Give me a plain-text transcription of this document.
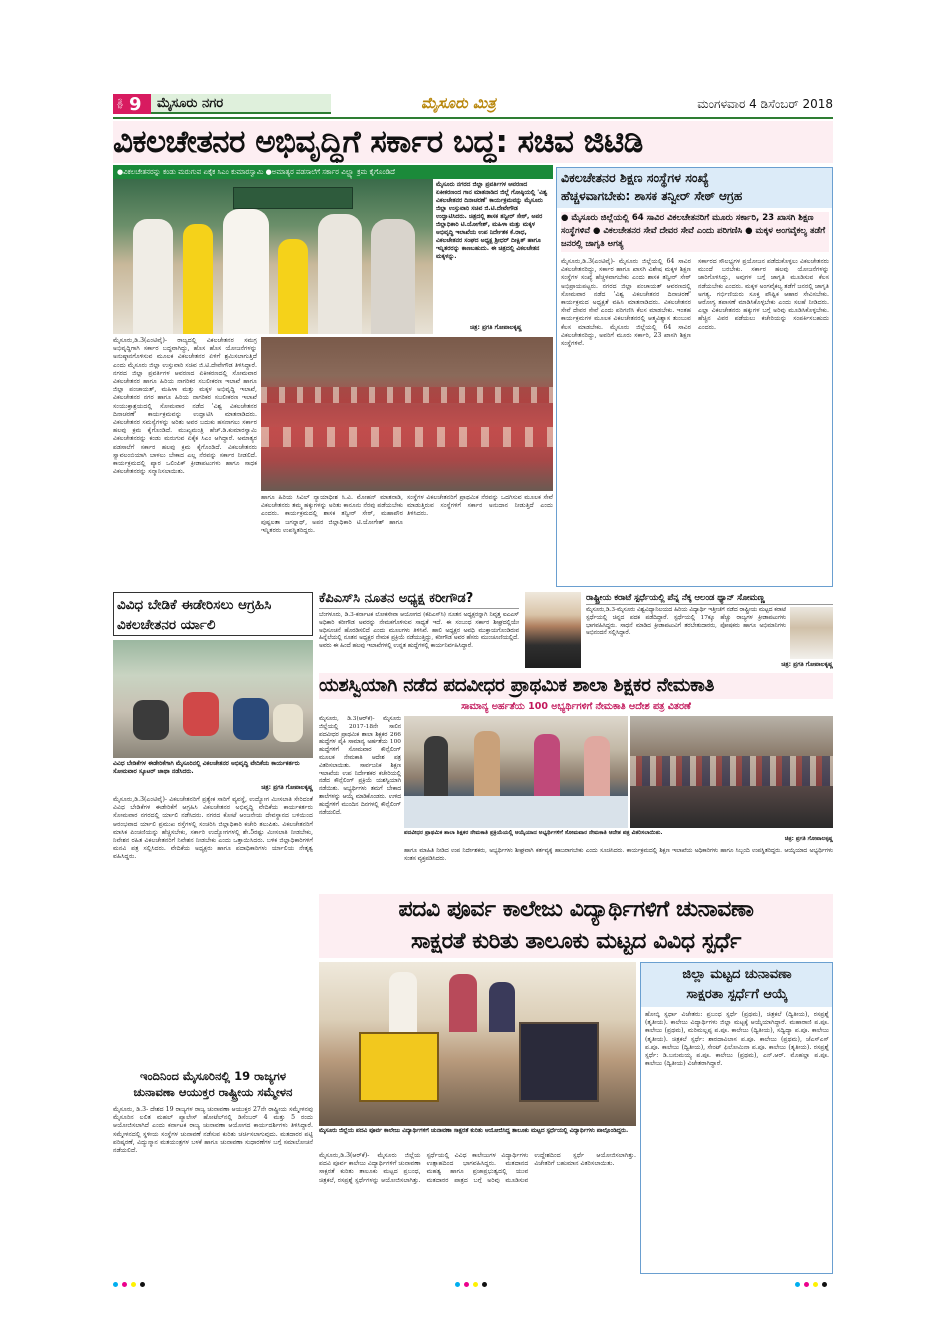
ಪುಟ 9 ಮೈಸೂರು ನಗರ	ಮೈಸೂರು ಮಿತ್ರ	ಮಂಗಳವಾರ 4 ಡಿಸೆಂಬರ್ 2018
ವಿಕಲಚೇತನರ ಅಭಿವೃದ್ಧಿಗೆ ಸರ್ಕಾರ ಬದ್ಧ: ಸಚಿವ ಜಿಟಿಡಿ
●ವಿಕಲಚೇತನರನ್ನು ಕಂಡು ಮರುಗುವ ಏಕೈಕ ಸಿಎಂ ಕುಮಾರಸ್ವಾಮಿ ●ಅಮಾತ್ಯರ ಪಡಸಾಲೆಗೆ ಸರ್ಕಾರ ವಿಲ್ಹ್ಯಾ ಕ್ರಮ ಕೈಗೊಂಡಿದೆ
ಮೈಸೂರು ನಗರದ ಜಿಲ್ಲಾ ಪ್ರವರ್ತಿಗಳ ಆವರಣದ ಏಕೀಕರಣಂದ ಗಾನ ಮಾತನಾಡಿದ ಜಿಲ್ಲೆ ಗೋಷ್ಠಿಯಲ್ಲಿ 'ವಿಶ್ವ ವಿಕಲಚೇತನರ ದಿನಾಚರಣೆ' ಕಾರ್ಯಕ್ರಮವನ್ನು ಮೈಸೂರು ಜಿಲ್ಲಾ ಉಸ್ತುವಾರಿ ಸಚಿವ ಜಿ.ಟಿ.ದೇವೇಗೌಡ ಉದ್ಘಾಟಿಸಿದರು. ಚಿತ್ರದಲ್ಲಿ ಶಾಸಕ ತನ್ವೀರ್ ಸೇಠ್, ಅಪರ ಜಿಲ್ಲಾಧಿಕಾರಿ ಟಿ.ಯೋಗೇಶ್, ಮಹಿಳಾ ಮತ್ತು ಮಕ್ಕಳ ಅಭಿವೃದ್ಧಿ ಇಲಾಖೆಯ ಉಪ ನಿರ್ದೇಶಕ ಕೆ.ರಾಧ, ವಿಕಲಚೇತನರ ಸಂಘದ ಅಧ್ಯಕ್ಷ ಶ್ರೀಧರ್ ದೀಕ್ಷಿತ್ ಹಾಗೂ ಇನ್ನಿತರರನ್ನು ಕಾಣಬಹುದು. ಈ ಚಿತ್ರದಲ್ಲಿ ವಿಕಲಚೇತನ ಮಕ್ಕಳನ್ನು.
ಚಿತ್ರ: ಪ್ರಗತಿ ಗೋಪಾಲಕೃಷ್ಣ
ಮೈಸೂರು,ಡಿ.3(ಎಂಟಿವೈ)- ರಾಜ್ಯದಲ್ಲಿ ವಿಕಲಚೇತನರ ಸಮಗ್ರ ಅಭಿವೃದ್ಧಿಗಾಗಿ ಸರ್ಕಾರ ಬದ್ಧವಾಗಿದ್ದು, ಹೊಸ ಹೊಸ ಯೋಜನೆಗಳನ್ನು ಅನುಷ್ಠಾನಗೊಳಿಸುವ ಮೂಲಕ ವಿಕಲಚೇತನರ ಏಳಿಗೆ ಶ್ರಮಿಸಲಾಗುತ್ತಿದೆ ಎಂದು ಮೈಸೂರು ಜಿಲ್ಲಾ ಉಸ್ತುವಾರಿ ಸಚಿವ ಜಿ.ಟಿ.ದೇವೇಗೌಡ ತಿಳಿಸಿದ್ದಾರೆ. ನಗರದ ಜಿಲ್ಲಾ ಪ್ರವರ್ತಿಗಳ ಆವರಣದ ಏಕೀಕರಣದಲ್ಲಿ ಸೋಮವಾರ ವಿಕಲಚೇತನರ ಹಾಗೂ ಹಿರಿಯ ನಾಗರಿಕರ ಸಬಲೀಕರಣ ಇಲಾಖೆ ಹಾಗೂ ಜಿಲ್ಲಾ ಪಂಚಾಯತ್, ಮಹಿಳಾ ಮತ್ತು ಮಕ್ಕಳ ಅಭಿವೃದ್ಧಿ ಇಲಾಖೆ, ವಿಕಲಚೇತನರ ನಗರ ಹಾಗೂ ಹಿರಿಯ ನಾಗರಿಕರ ಸಬಲೀಕರಣ ಇಲಾಖೆ ಸಂಯುಕ್ತಾಶ್ರಯದಲ್ಲಿ ಸೋಮವಾರ ನಡೆದ 'ವಿಶ್ವ ವಿಕಲಚೇತನರ ದಿನಾಚರಣೆ' ಕಾರ್ಯಕ್ರಮವನ್ನು ಉದ್ಘಾಟಿಸಿ ಮಾತನಾಡಿದರು. ವಿಕಲಚೇತನರ ಸಮಸ್ಯೆಗಳನ್ನು ಅರಿತು ಅವರ ಬದುಕು ಹಸನಾಗಲು ಸರ್ಕಾರ ಹಲವು ಕ್ರಮ ಕೈಗೊಂಡಿದೆ. ಮುಖ್ಯಮಂತ್ರಿ ಹೆಚ್.ಡಿ.ಕುಮಾರಸ್ವಾಮಿ ವಿಕಲಚೇತನರನ್ನು ಕಂಡು ಮರುಗುವ ಏಕೈಕ ಸಿಎಂ ಆಗಿದ್ದಾರೆ. ಅಮಾತ್ಯರ ಪಡಸಾಲೆಗೆ ಸರ್ಕಾರ ಹಲವು ಕ್ರಮ ಕೈಗೊಂಡಿದೆ. ವಿಕಲಚೇತನರು ಸ್ವಾವಲಂಬಿಯಾಗಿ ಬಾಳಲು ಬೇಕಾದ ಎಲ್ಲ ನೆರವನ್ನು ಸರ್ಕಾರ ನೀಡಲಿದೆ. ಕಾರ್ಯಕ್ರಮದಲ್ಲಿ ಪ್ಯಾರ ಒಲಿಂಪಿಕ್ ಕ್ರೀಡಾಪಟುಗಳು ಹಾಗೂ ಸಾಧಕ ವಿಕಲಚೇತನರನ್ನು ಸನ್ಮಾನಿಸಲಾಯಿತು.
ಹಾಗೂ ಹಿರಿಯ ಸಿವಿಲ್ ನ್ಯಾಯಾಧೀಶ ಸಿ.ವಿ. ಮೋಹನ್ ಮಾತನಾಡಿ, ವಿಕಲಚೇತನರು ತಮ್ಮ ಹಕ್ಕುಗಳನ್ನು ಅರಿತು ಕಾನೂನು ನೆರವು ಪಡೆಯಬೇಕು ಎಂದರು. ಕಾರ್ಯಕ್ರಮದಲ್ಲಿ ಶಾಸಕ ತನ್ವೀರ್ ಸೇಠ್, ಮಹಾಪೌರ ಪುಷ್ಪಲತಾ ಜಗನ್ನಾಥ್, ಅಪರ ಜಿಲ್ಲಾಧಿಕಾರಿ ಟಿ.ಯೋಗೇಶ್ ಹಾಗೂ ಇನ್ನಿತರರು ಉಪಸ್ಥಿತರಿದ್ದರು.
ಸಂಸ್ಥೆಗಳ ವಿಕಲಚೇತನರಿಗೆ ಪ್ರಾಥಮಿಕ ನೆರವನ್ನು ಒದಗಿಸುವ ಮೂಲಕ ಸೇವೆ ಮಾಡುತ್ತಿರುವ ಸಂಸ್ಥೆಗಳಿಗೆ ಸರ್ಕಾರ ಅನುದಾನ ನೀಡುತ್ತಿದೆ ಎಂದು ತಿಳಿಸಿದರು.
ವಿಕಲಚೇತನರ ಶಿಕ್ಷಣ ಸಂಸ್ಥೆಗಳ ಸಂಖ್ಯೆ
ಹೆಚ್ಚಳವಾಗಬೇಕು: ಶಾಸಕ ತನ್ವೀರ್ ಸೇಠ್ ಆಗ್ರಹ
● ಮೈಸೂರು ಜಿಲ್ಲೆಯಲ್ಲಿ 64 ಸಾವಿರ ವಿಕಲಚೇತನರಿಗೆ ಮೂರು ಸರ್ಕಾರಿ, 23 ಖಾಸಗಿ ಶಿಕ್ಷಣ ಸಂಸ್ಥೆಗಳಿವೆ ● ವಿಕಲಚೇತನರ ಸೇವೆ ದೇವರ ಸೇವೆ ಎಂದು ಪರಿಗಣಿಸಿ ● ಮಕ್ಕಳ ಅಂಗವೈಕಲ್ಯ ತಡೆಗೆ ಜನರಲ್ಲಿ ಜಾಗೃತಿ ಅಗತ್ಯ
ಮೈಸೂರು,ಡಿ.3(ಎಂಟಿವೈ)- ಮೈಸೂರು ಜಿಲ್ಲೆಯಲ್ಲಿ 64 ಸಾವಿರ ವಿಕಲಚೇತನರಿದ್ದು, ಸರ್ಕಾರ ಹಾಗೂ ಖಾಸಗಿ ವಿಶೇಷ ಮಕ್ಕಳ ಶಿಕ್ಷಣ ಸಂಸ್ಥೆಗಳ ಸಂಖ್ಯೆ ಹೆಚ್ಚಳವಾಗಬೇಕು ಎಂದು ಶಾಸಕ ತನ್ವೀರ್ ಸೇಠ್ ಅಭಿಪ್ರಾಯಪಟ್ಟರು. ನಗರದ ಜಿಲ್ಲಾ ಪಂಚಾಯತ್ ಆವರಣದಲ್ಲಿ ಸೋಮವಾರ ನಡೆದ 'ವಿಶ್ವ ವಿಕಲಚೇತನರ ದಿನಾಚರಣೆ' ಕಾರ್ಯಕ್ರಮದ ಅಧ್ಯಕ್ಷತೆ ವಹಿಸಿ ಮಾತನಾಡಿದರು. ವಿಕಲಚೇತನರ ಸೇವೆ ದೇವರ ಸೇವೆ ಎಂದು ಪರಿಗಣಿಸಿ ಕೆಲಸ ಮಾಡಬೇಕು. ಇಂತಹ ಕಾರ್ಯಕ್ರಮಗಳ ಮೂಲಕ ವಿಕಲಚೇತನರಲ್ಲಿ ಆತ್ಮವಿಶ್ವಾಸ ತುಂಬುವ ಕೆಲಸ ಮಾಡಬೇಕು. ಮೈಸೂರು ಜಿಲ್ಲೆಯಲ್ಲಿ 64 ಸಾವಿರ ವಿಕಲಚೇತನರಿದ್ದು, ಅವರಿಗೆ ಮೂರು ಸರ್ಕಾರಿ, 23 ಖಾಸಗಿ ಶಿಕ್ಷಣ ಸಂಸ್ಥೆಗಳಿವೆ.
ಸರ್ಕಾರದ ಸೌಲಭ್ಯಗಳ ಪ್ರಯೋಜನ ಪಡೆದುಕೊಳ್ಳಲು ವಿಕಲಚೇತನರು ಮುಂದೆ ಬರಬೇಕು. ಸರ್ಕಾರ ಹಲವು ಯೋಜನೆಗಳನ್ನು ಜಾರಿಗೊಳಿಸಿದ್ದು, ಅವುಗಳ ಬಗ್ಗೆ ಜಾಗೃತಿ ಮೂಡಿಸುವ ಕೆಲಸ ನಡೆಯಬೇಕು ಎಂದರು. ಮಕ್ಕಳ ಅಂಗವೈಕಲ್ಯ ತಡೆಗೆ ಜನರಲ್ಲಿ ಜಾಗೃತಿ ಅಗತ್ಯ. ಗರ್ಭಿಣಿಯರು ಸೂಕ್ತ ಪೌಷ್ಟಿಕ ಆಹಾರ ಸೇವಿಸಬೇಕು. ಆರೋಗ್ಯ ತಪಾಸಣೆ ಮಾಡಿಸಿಕೊಳ್ಳಬೇಕು ಎಂದು ಸಲಹೆ ನೀಡಿದರು. ಎಲ್ಲಾ ವಿಕಲಚೇತನರು ಹಕ್ಕುಗಳ ಬಗ್ಗೆ ಅರಿವು ಮೂಡಿಸಿಕೊಳ್ಳಬೇಕು. ಹೆಚ್ಚಿನ ವಿವರ ಪಡೆಯಲು ಕಚೇರಿಯನ್ನು ಸಂಪರ್ಕಿಸಬಹುದು ಎಂದರು.
ವಿವಿಧ ಬೇಡಿಕೆ ಈಡೇರಿಸಲು ಆಗ್ರಹಿಸಿ ವಿಕಲಚೇತನರ ರ್ಯಾಲಿ
ವಿವಿಧ ಬೇಡಿಕೆಗಳ ಈಡೇರಿಕೆಗಾಗಿ ಮೈಸೂರಿನಲ್ಲಿ ವಿಕಲಚೇತನರ ಅಭಿವೃದ್ಧಿ ವೇದಿಕೆಯ ಕಾರ್ಯಕರ್ತರು ಸೋಮವಾರ ಸ್ಕೂಟರ್ ಜಾಥಾ ನಡೆಸಿದರು.
ಚಿತ್ರ: ಪ್ರಗತಿ ಗೋಪಾಲಕೃಷ್ಣ
ಮೈಸೂರು,ಡಿ.3(ಎಂಟಿವೈ)- ವಿಕಲಚೇತನರಿಗೆ ಪ್ರತ್ಯೇಕ ಸಾರಿಗೆ ವ್ಯವಸ್ಥೆ, ಉದ್ಯೋಗ ಮೀಸಲಾತಿ ಸೇರಿದಂತೆ ವಿವಿಧ ಬೇಡಿಕೆಗಳ ಈಡೇರಿಕೆಗೆ ಆಗ್ರಹಿಸಿ ವಿಕಲಚೇತನರ ಅಭಿವೃದ್ಧಿ ವೇದಿಕೆಯ ಕಾರ್ಯಕರ್ತರು ಸೋಮವಾರ ನಗರದಲ್ಲಿ ರ್ಯಾಲಿ ನಡೆಸಿದರು. ನಗರದ ಕೋಟೆ ಆಂಜನೇಯ ದೇವಸ್ಥಾನದ ಬಳಿಯಿಂದ ಆರಂಭವಾದ ರ್ಯಾಲಿ ಪ್ರಮುಖ ರಸ್ತೆಗಳಲ್ಲಿ ಸಂಚರಿಸಿ ಜಿಲ್ಲಾಧಿಕಾರಿ ಕಚೇರಿ ತಲುಪಿತು. ವಿಕಲಚೇತನರಿಗೆ ಮಾಸಿಕ ಪಿಂಚಣಿಯನ್ನು ಹೆಚ್ಚಿಸಬೇಕು, ಸರ್ಕಾರಿ ಉದ್ಯೋಗಗಳಲ್ಲಿ ಶೇ.5ರಷ್ಟು ಮೀಸಲಾತಿ ನೀಡಬೇಕು, ನಿವೇಶನ ರಹಿತ ವಿಕಲಚೇತನರಿಗೆ ನಿವೇಶನ ನೀಡಬೇಕು ಎಂದು ಒತ್ತಾಯಿಸಿದರು. ಬಳಿಕ ಜಿಲ್ಲಾಧಿಕಾರಿಗಳಿಗೆ ಮನವಿ ಪತ್ರ ಸಲ್ಲಿಸಿದರು. ವೇದಿಕೆಯ ಅಧ್ಯಕ್ಷರು ಹಾಗೂ ಪದಾಧಿಕಾರಿಗಳು ರ್ಯಾಲಿಯ ನೇತೃತ್ವ ವಹಿಸಿದ್ದರು.
ಕೆಪಿಎಸ್‌ಸಿ ನೂತನ ಅಧ್ಯಕ್ಷ ಕರೀಗೌಡ?
ಬೆಂಗಳೂರು, ಡಿ.3-ಕರ್ನಾಟಕ ಲೋಕಸೇವಾ ಆಯೋಗದ (ಕೆಪಿಎಸ್‌ಸಿ) ನೂತನ ಅಧ್ಯಕ್ಷರನ್ನಾಗಿ ನಿವೃತ್ತ ಐಎಎಸ್ ಅಧಿಕಾರಿ ಕರೀಗೌಡ ಅವರನ್ನು ನೇಮಕಗೊಳಿಸುವ ಸಾಧ್ಯತೆ ಇದೆ. ಈ ಸಂಬಂಧ ಸರ್ಕಾರ ಶೀಘ್ರದಲ್ಲಿಯೇ ಅಧಿಸೂಚನೆ ಹೊರಡಿಸಲಿದೆ ಎಂದು ಮೂಲಗಳು ತಿಳಿಸಿವೆ. ಹಾಲಿ ಅಧ್ಯಕ್ಷರ ಅವಧಿ ಮುಕ್ತಾಯಗೊಂಡಿರುವ ಹಿನ್ನೆಲೆಯಲ್ಲಿ ನೂತನ ಅಧ್ಯಕ್ಷರ ನೇಮಕ ಪ್ರಕ್ರಿಯೆ ನಡೆಯುತ್ತಿದ್ದು, ಕರೀಗೌಡ ಅವರ ಹೆಸರು ಮುಂಚೂಣಿಯಲ್ಲಿದೆ. ಅವರು ಈ ಹಿಂದೆ ಹಲವು ಇಲಾಖೆಗಳಲ್ಲಿ ಉನ್ನತ ಹುದ್ದೆಗಳಲ್ಲಿ ಕಾರ್ಯನಿರ್ವಹಿಸಿದ್ದಾರೆ.
ರಾಷ್ಟ್ರೀಯ ಕರಾಟೆ ಸ್ಪರ್ಧೆಯಲ್ಲಿ ಪೆನ್ನ ನೆಕ್ಕ ಆಲಂಡ ಥ್ಯಾನ್ ಸೋಮಣ್ಣ
ಮೈಸೂರು,ಡಿ.3-ಮೈಸೂರು ವಿಶ್ವವಿದ್ಯಾನಿಲಯದ ಹಿರಿಯ ವಿದ್ಯಾರ್ಥಿ ಇತ್ತೀಚೆಗೆ ನಡೆದ ರಾಷ್ಟ್ರೀಯ ಮಟ್ಟದ ಕರಾಟೆ ಸ್ಪರ್ಧೆಯಲ್ಲಿ ಚಿನ್ನದ ಪದಕ ಪಡೆದಿದ್ದಾರೆ. ಸ್ಪರ್ಧೆಯಲ್ಲಿ 17ಕ್ಕೂ ಹೆಚ್ಚು ರಾಜ್ಯಗಳ ಕ್ರೀಡಾಪಟುಗಳು ಭಾಗವಹಿಸಿದ್ದರು. ಸಾಧನೆ ಮಾಡಿದ ಕ್ರೀಡಾಪಟುವಿಗೆ ತರಬೇತುದಾರರು, ಪೋಷಕರು ಹಾಗೂ ಅಭಿಮಾನಿಗಳು ಅಭಿನಂದನೆ ಸಲ್ಲಿಸಿದ್ದಾರೆ.
ಚಿತ್ರ: ಪ್ರಗತಿ ಗೋಪಾಲಕೃಷ್ಣ
ಯಶಸ್ವಿಯಾಗಿ ನಡೆದ ಪದವೀಧರ ಪ್ರಾಥಮಿಕ ಶಾಲಾ ಶಿಕ್ಷಕರ ನೇಮಕಾತಿ
ಸಾಮಾನ್ಯ ಅರ್ಹತೆಯ 100 ಅಭ್ಯರ್ಥಿಗಳಿಗೆ ನೇಮಕಾತಿ ಆದೇಶ ಪತ್ರ ವಿತರಣೆ
ಮೈಸೂರು, ಡಿ.3(ಆರ್‌ಕೆ)- ಮೈಸೂರು ಜಿಲ್ಲೆಯಲ್ಲಿ 2017-18ನೇ ಸಾಲಿನ ಪದವೀಧರ ಪ್ರಾಥಮಿಕ ಶಾಲಾ ಶಿಕ್ಷಕರ 266 ಹುದ್ದೆಗಳ ಪೈಕಿ ಸಾಮಾನ್ಯ ಅರ್ಹತೆಯ 100 ಹುದ್ದೆಗಳಿಗೆ ಸೋಮವಾರ ಕೌನ್ಸೆಲಿಂಗ್ ಮೂಲಕ ನೇಮಕಾತಿ ಆದೇಶ ಪತ್ರ ವಿತರಿಸಲಾಯಿತು. ಸಾರ್ವಜನಿಕ ಶಿಕ್ಷಣ ಇಲಾಖೆಯ ಉಪ ನಿರ್ದೇಶಕರ ಕಚೇರಿಯಲ್ಲಿ ನಡೆದ ಕೌನ್ಸೆಲಿಂಗ್ ಪ್ರಕ್ರಿಯೆ ಯಶಸ್ವಿಯಾಗಿ ನಡೆಯಿತು. ಅಭ್ಯರ್ಥಿಗಳು ತಮಗೆ ಬೇಕಾದ ಶಾಲೆಗಳನ್ನು ಆಯ್ಕೆ ಮಾಡಿಕೊಂಡರು. ಉಳಿದ ಹುದ್ದೆಗಳಿಗೆ ಮುಂದಿನ ದಿನಗಳಲ್ಲಿ ಕೌನ್ಸೆಲಿಂಗ್ ನಡೆಯಲಿದೆ.
ಪದವೀಧರ ಪ್ರಾಥಮಿಕ ಶಾಲಾ ಶಿಕ್ಷಕರ ನೇಮಕಾತಿ ಪ್ರಕ್ರಿಯೆಯಲ್ಲಿ ಆಯ್ಕೆಯಾದ ಅಭ್ಯರ್ಥಿಗಳಿಗೆ ಸೋಮವಾರ ನೇಮಕಾತಿ ಆದೇಶ ಪತ್ರ ವಿತರಿಸಲಾಯಿತು.
ಚಿತ್ರ: ಪ್ರಗತಿ ಗೋಪಾಲಕೃಷ್ಣ
ಹಾಗೂ ಮಾಹಿತಿ ನೀಡಿದ ಉಪ ನಿರ್ದೇಶಕರು, ಅಭ್ಯರ್ಥಿಗಳು ಶೀಘ್ರವಾಗಿ ಕರ್ತವ್ಯಕ್ಕೆ ಹಾಜರಾಗಬೇಕು ಎಂದು ಸೂಚಿಸಿದರು. ಕಾರ್ಯಕ್ರಮದಲ್ಲಿ ಶಿಕ್ಷಣ ಇಲಾಖೆಯ ಅಧಿಕಾರಿಗಳು ಹಾಗೂ ಸಿಬ್ಬಂದಿ ಉಪಸ್ಥಿತರಿದ್ದರು. ಆಯ್ಕೆಯಾದ ಅಭ್ಯರ್ಥಿಗಳು ಸಂತಸ ವ್ಯಕ್ತಪಡಿಸಿದರು.
ಇಂದಿನಿಂದ ಮೈಸೂರಿನಲ್ಲಿ 19 ರಾಜ್ಯಗಳ
ಚುನಾವಣಾ ಆಯುಕ್ತರ ರಾಷ್ಟ್ರೀಯ ಸಮ್ಮೇಳನ
ಮೈಸೂರು, ಡಿ.3- ದೇಶದ 19 ರಾಜ್ಯಗಳ ರಾಜ್ಯ ಚುನಾವಣಾ ಆಯುಕ್ತರ 27ನೇ ರಾಷ್ಟ್ರೀಯ ಸಮ್ಮೇಳನವು ಮೈಸೂರಿನ ಲಲಿತ ಮಹಲ್ ಪ್ಯಾಲೇಸ್ ಹೋಟೆಲ್‌ನಲ್ಲಿ ಡಿಸೆಂಬರ್ 4 ಮತ್ತು 5 ರಂದು ಆಯೋಜಿಸಲಾಗಿದೆ ಎಂದು ಕರ್ನಾಟಕ ರಾಜ್ಯ ಚುನಾವಣಾ ಆಯೋಗದ ಕಾರ್ಯದರ್ಶಿಗಳು ತಿಳಿಸಿದ್ದಾರೆ. ಸಮ್ಮೇಳನದಲ್ಲಿ ಸ್ಥಳೀಯ ಸಂಸ್ಥೆಗಳ ಚುನಾವಣೆ ನಡೆಸುವ ಕುರಿತು ಚರ್ಚಿಸಲಾಗುವುದು. ಮತದಾರರ ಪಟ್ಟಿ ಪರಿಷ್ಕರಣೆ, ವಿದ್ಯುನ್ಮಾನ ಮತಯಂತ್ರಗಳ ಬಳಕೆ ಹಾಗೂ ಚುನಾವಣಾ ಸುಧಾರಣೆಗಳ ಬಗ್ಗೆ ಸಮಾಲೋಚನೆ ನಡೆಯಲಿದೆ.
ಪದವಿ ಪೂರ್ವ ಕಾಲೇಜು ವಿದ್ಯಾರ್ಥಿಗಳಿಗೆ ಚುನಾವಣಾ
ಸಾಕ್ಷರತೆ ಕುರಿತು ತಾಲೂಕು ಮಟ್ಟದ ವಿವಿಧ ಸ್ಪರ್ಧೆ
ಮೈಸೂರು ಜಿಲ್ಲೆಯ ಪದವಿ ಪೂರ್ವ ಕಾಲೇಜು ವಿದ್ಯಾರ್ಥಿಗಳಿಗೆ ಚುನಾವಣಾ ಸಾಕ್ಷರತೆ ಕುರಿತು ಆಯೋಜಿಸಿದ್ದ ತಾಲೂಕು ಮಟ್ಟದ ಸ್ಪರ್ಧೆಯಲ್ಲಿ ವಿದ್ಯಾರ್ಥಿಗಳು ಪಾಲ್ಗೊಂಡಿದ್ದರು.
ಮೈಸೂರು,ಡಿ.3(ಆರ್‌ಕೆ)- ಮೈಸೂರು ಜಿಲ್ಲೆಯ ಪದವಿ ಪೂರ್ವ ಕಾಲೇಜು ವಿದ್ಯಾರ್ಥಿಗಳಿಗೆ ಚುನಾವಣಾ ಸಾಕ್ಷರತೆ ಕುರಿತು ತಾಲೂಕು ಮಟ್ಟದ ಪ್ರಬಂಧ, ಚಿತ್ರಕಲೆ, ರಸಪ್ರಶ್ನೆ ಸ್ಪರ್ಧೆಗಳನ್ನು ಆಯೋಜಿಸಲಾಗಿತ್ತು. ಸ್ಪರ್ಧೆಯಲ್ಲಿ ವಿವಿಧ ಕಾಲೇಜುಗಳ ವಿದ್ಯಾರ್ಥಿಗಳು ಉತ್ಸಾಹದಿಂದ ಭಾಗವಹಿಸಿದ್ದರು. ಮತದಾನದ ಮಹತ್ವ ಹಾಗೂ ಪ್ರಜಾಪ್ರಭುತ್ವದಲ್ಲಿ ಯುವ ಮತದಾರರ ಪಾತ್ರದ ಬಗ್ಗೆ ಅರಿವು ಮೂಡಿಸುವ ಉದ್ದೇಶದಿಂದ ಸ್ಪರ್ಧೆ ಆಯೋಜಿಸಲಾಗಿತ್ತು. ವಿಜೇತರಿಗೆ ಬಹುಮಾನ ವಿತರಿಸಲಾಯಿತು.
ಜಿಲ್ಲಾ ಮಟ್ಟದ ಚುನಾವಣಾ
ಸಾಕ್ಷರತಾ ಸ್ಪರ್ಧೆಗೆ ಆಯ್ಕೆ
ಹೋಬ್ಳಿ ಸ್ಪರ್ಧಾ ವಿಜೇತರು: ಪ್ರಬಂಧ ಸ್ಪರ್ಧೆ (ಪ್ರಥಮ), ಚಿತ್ರಕಲೆ (ದ್ವಿತೀಯ), ರಸಪ್ರಶ್ನೆ (ತೃತೀಯ). ಕಾಲೇಜು ವಿದ್ಯಾರ್ಥಿಗಳು ಜಿಲ್ಲಾ ಮಟ್ಟಕ್ಕೆ ಆಯ್ಕೆಯಾಗಿದ್ದಾರೆ. ಮಹಾರಾಣಿ ಪ.ಪೂ. ಕಾಲೇಜು (ಪ್ರಥಮ), ಮರಿಮಲ್ಲಪ್ಪ ಪ.ಪೂ. ಕಾಲೇಜು (ದ್ವಿತೀಯ), ಸದ್ವಿದ್ಯಾ ಪ.ಪೂ. ಕಾಲೇಜು (ತೃತೀಯ). ಚಿತ್ರಕಲೆ ಸ್ಪರ್ಧೆ: ಶಾರದಾವಿಲಾಸ ಪ.ಪೂ. ಕಾಲೇಜು (ಪ್ರಥಮ), ಜೆಎಸ್‌ಎಸ್ ಪ.ಪೂ. ಕಾಲೇಜು (ದ್ವಿತೀಯ), ಸೇಂಟ್ ಫಿಲೋಮಿನಾ ಪ.ಪೂ. ಕಾಲೇಜು (ತೃತೀಯ). ರಸಪ್ರಶ್ನೆ ಸ್ಪರ್ಧೆ: ಡಿ.ಬನುಮಯ್ಯ ಪ.ಪೂ. ಕಾಲೇಜು (ಪ್ರಥಮ), ಎನ್.ಆರ್. ಮೊಹಲ್ಲಾ ಪ.ಪೂ. ಕಾಲೇಜು (ದ್ವಿತೀಯ) ವಿಜೇತರಾಗಿದ್ದಾರೆ.
